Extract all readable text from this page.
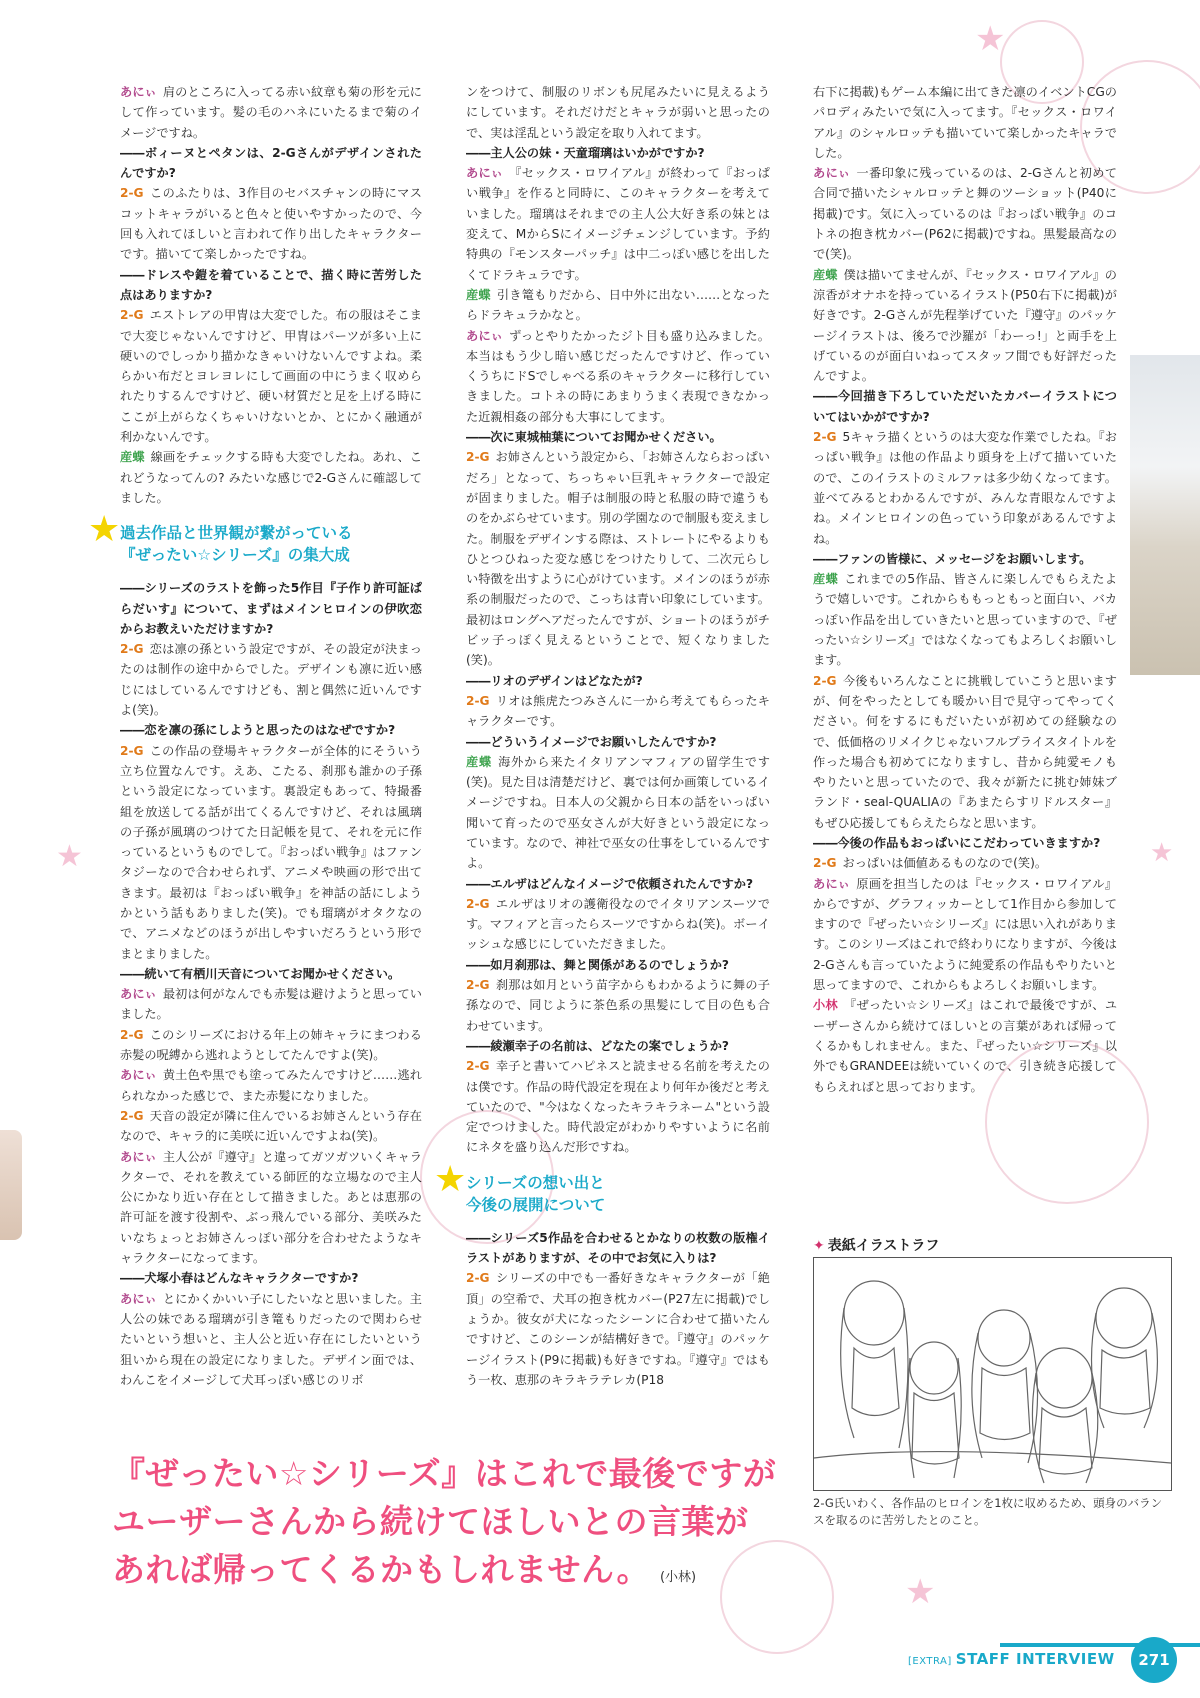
★
★
★
★

あにぃ 肩のところに入ってる赤い紋章も菊の形を元にして作っています。髪の毛のハネにいたるまで菊のイメージですね。

――ボィーヌとペタンは、2-Gさんがデザインされたんですか?

2-G このふたりは、3作目のセバスチャンの時にマスコットキャラがいると色々と使いやすかったので、今回も入れてほしいと言われて作り出したキャラクターです。描いてて楽しかったですね。

――ドレスや鎧を着ていることで、描く時に苦労した点はありますか?

2-G エストレアの甲冑は大変でした。布の服はそこまで大変じゃないんですけど、甲冑はパーツが多い上に硬いのでしっかり描かなきゃいけないんですよね。柔らかい布だとヨレヨレにして画面の中にうまく収められたりするんですけど、硬い材質だと足を上げる時にここが上がらなくちゃいけないとか、とにかく融通が利かないんです。

産蝶 線画をチェックする時も大変でしたね。あれ、これどうなってんの? みたいな感じで2-Gさんに確認してました。

★ 過去作品と世界観が繋がっている
『ぜったい☆シリーズ』の集大成

――シリーズのラストを飾った5作目『子作り許可証ぱらだいす』について、まずはメインヒロインの伊吹恋からお教えいただけますか?

2-G 恋は凛の孫という設定ですが、その設定が決まったのは制作の途中からでした。デザインも凛に近い感じにはしているんですけども、割と偶然に近いんですよ(笑)。

――恋を凛の孫にしようと思ったのはなぜですか?

2-G この作品の登場キャラクターが全体的にそういう立ち位置なんです。えあ、こたる、刹那も誰かの子孫という設定になっています。裏設定もあって、特撮番組を放送してる話が出てくるんですけど、それは風璃の子孫が風璃のつけてた日記帳を見て、それを元に作っているというものでして。『おっぱい戦争』はファンタジーなので合わせられず、アニメや映画の形で出てきます。最初は『おっぱい戦争』を神話の話にしようかという話もありました(笑)。でも瑠璃がオタクなので、アニメなどのほうが出しやすいだろうという形でまとまりました。

――続いて有栖川天音についてお聞かせください。

あにぃ 最初は何がなんでも赤髪は避けようと思っていました。

2-G このシリーズにおける年上の姉キャラにまつわる赤髪の呪縛から逃れようとしてたんですよ(笑)。

あにぃ 黄土色や黒でも塗ってみたんですけど……逃れられなかった感じで、また赤髪になりました。

2-G 天音の設定が隣に住んでいるお姉さんという存在なので、キャラ的に美咲に近いんですよね(笑)。

あにぃ 主人公が『遵守』と違ってガツガツいくキャラクターで、それを教えている師匠的な立場なので主人公にかなり近い存在として描きました。あとは恵那の許可証を渡す役割や、ぶっ飛んでいる部分、美咲みたいなちょっとお姉さんっぽい部分を合わせたようなキャラクターになってます。

――犬塚小春はどんなキャラクターですか?

あにぃ とにかくかいい子にしたいなと思いました。主人公の妹である瑠璃が引き篭もりだったので関わらせたいという想いと、主人公と近い存在にしたいという狙いから現在の設定になりました。デザイン面では、わんこをイメージして犬耳っぽい感じのリボ

ンをつけて、制服のリボンも尻尾みたいに見えるようにしています。それだけだとキャラが弱いと思ったので、実は淫乱という設定を取り入れてます。

――主人公の妹・天童瑠璃はいかがですか?

あにぃ 『セックス・ロワイアル』が終わって『おっぱい戦争』を作ると同時に、このキャラクターを考えていました。瑠璃はそれまでの主人公大好き系の妹とは変えて、MからSにイメージチェンジしています。予約特典の『モンスターパッチ』は中二っぽい感じを出したくてドラキュラです。

産蝶 引き篭もりだから、日中外に出ない……となったらドラキュラかなと。

あにぃ ずっとやりたかったジト目も盛り込みました。本当はもう少し暗い感じだったんですけど、作っていくうちにドSでしゃべる系のキャラクターに移行していきました。コトネの時にあまりうまく表現できなかった近親相姦の部分も大事にしてます。

――次に東城柚葉についてお聞かせください。

2-G お姉さんという設定から、「お姉さんならおっぱいだろ」となって、ちっちゃい巨乳キャラクターで設定が固まりました。帽子は制服の時と私服の時で違うものをかぶらせています。別の学園なので制服も変えました。制服をデザインする際は、ストレートにやるよりもひとつひねった変な感じをつけたりして、二次元らしい特徴を出すように心がけています。メインのほうが赤系の制服だったので、こっちは青い印象にしています。最初はロングヘアだったんですが、ショートのほうがチビッ子っぽく見えるということで、短くなりました(笑)。

――リオのデザインはどなたが?

2-G リオは熊虎たつみさんに一から考えてもらったキャラクターです。

――どういうイメージでお願いしたんですか?

産蝶 海外から来たイタリアンマフィアの留学生です(笑)。見た目は清楚だけど、裏では何か画策しているイメージですね。日本人の父親から日本の話をいっぱい聞いて育ったので巫女さんが大好きという設定になっています。なので、神社で巫女の仕事をしているんですよ。

――エルザはどんなイメージで依頼されたんですか?

2-G エルザはリオの護衛役なのでイタリアンスーツです。マフィアと言ったらスーツですからね(笑)。ボーイッシュな感じにしていただきました。

――如月刹那は、舞と関係があるのでしょうか?

2-G 刹那は如月という苗字からもわかるように舞の子孫なので、同じように茶色系の黒髪にして目の色も合わせています。

――綾瀬幸子の名前は、どなたの案でしょうか?

2-G 幸子と書いてハピネスと読ませる名前を考えたのは僕です。作品の時代設定を現在より何年か後だと考えていたので、"今はなくなったキラキラネーム"という設定でつけました。時代設定がわかりやすいように名前にネタを盛り込んだ形ですね。

★ シリーズの想い出と
今後の展開について

――シリーズ5作品を合わせるとかなりの枚数の版権イラストがありますが、その中でお気に入りは?

2-G シリーズの中でも一番好きなキャラクターが「絶頂」の空希で、犬耳の抱き枕カバー(P27左に掲載)でしょうか。彼女が犬になったシーンに合わせて描いたんですけど、このシーンが結構好きで。『遵守』のパッケージイラスト(P9に掲載)も好きですね。『遵守』ではもう一枚、恵那のキラキラテレカ(P18

右下に掲載)もゲーム本編に出てきた凛のイベントCGのパロディみたいで気に入ってます。『セックス・ロワイアル』のシャルロッテも描いていて楽しかったキャラでした。

あにぃ 一番印象に残っているのは、2-Gさんと初めて合同で描いたシャルロッテと舞のツーショット(P40に掲載)です。気に入っているのは『おっぱい戦争』のコトネの抱き枕カバー(P62に掲載)ですね。黒髪最高なので(笑)。

産蝶 僕は描いてませんが、『セックス・ロワイアル』の涼香がオナホを持っているイラスト(P50右下に掲載)が好きです。2-Gさんが先程挙げていた『遵守』のパッケージイラストは、後ろで沙羅が「わーっ!」と両手を上げているのが面白いねってスタッフ間でも好評だったんですよ。

――今回描き下ろしていただいたカバーイラストについてはいかがですか?

2-G 5キャラ描くというのは大変な作業でしたね。『おっぱい戦争』は他の作品より頭身を上げて描いていたので、このイラストのミルファは多少幼くなってます。並べてみるとわかるんですが、みんな青眼なんですよね。メインヒロインの色っていう印象があるんですよね。

――ファンの皆様に、メッセージをお願いします。

産蝶 これまでの5作品、皆さんに楽しんでもらえたようで嬉しいです。これからももっともっと面白い、バカっぽい作品を出していきたいと思っていますので、『ぜったい☆シリーズ』ではなくなってもよろしくお願いします。

2-G 今後もいろんなことに挑戦していこうと思いますが、何をやったとしても暖かい目で見守ってやってください。何をするにもだいたいが初めての経験なので、低価格のリメイクじゃないフルプライスタイトルを作った場合も初めてになりますし、昔から純愛モノもやりたいと思っていたので、我々が新たに挑む姉妹ブランド・seal-QUALIAの『あまたらすリドルスター』もぜひ応援してもらえたらなと思います。

――今後の作品もおっぱいにこだわっていきますか?

2-G おっぱいは価値あるものなので(笑)。

あにぃ 原画を担当したのは『セックス・ロワイアル』からですが、グラフィッカーとして1作目から参加してますので『ぜったい☆シリーズ』には思い入れがあります。このシリーズはこれで終わりになりますが、今後は2-Gさんも言っていたように純愛系の作品もやりたいと思ってますので、これからもよろしくお願いします。

小林 『ぜったい☆シリーズ』はこれで最後ですが、ユーザーさんから続けてほしいとの言葉があれば帰ってくるかもしれません。また、『ぜったい☆シリーズ』以外でもGRANDEEは続いていくので、引き続き応援してもらえればと思っております。

✦ 表紙イラストラフ
2-G氏いわく、各作品のヒロインを1枚に収めるため、頭身のバランスを取るのに苦労したとのこと。
『ぜったい☆シリーズ』はこれで最後ですが
ユーザーさんから続けてほしいとの言葉が
あれば帰ってくるかもしれません。 (小林)
[EXTRA] STAFF INTERVIEW	271
